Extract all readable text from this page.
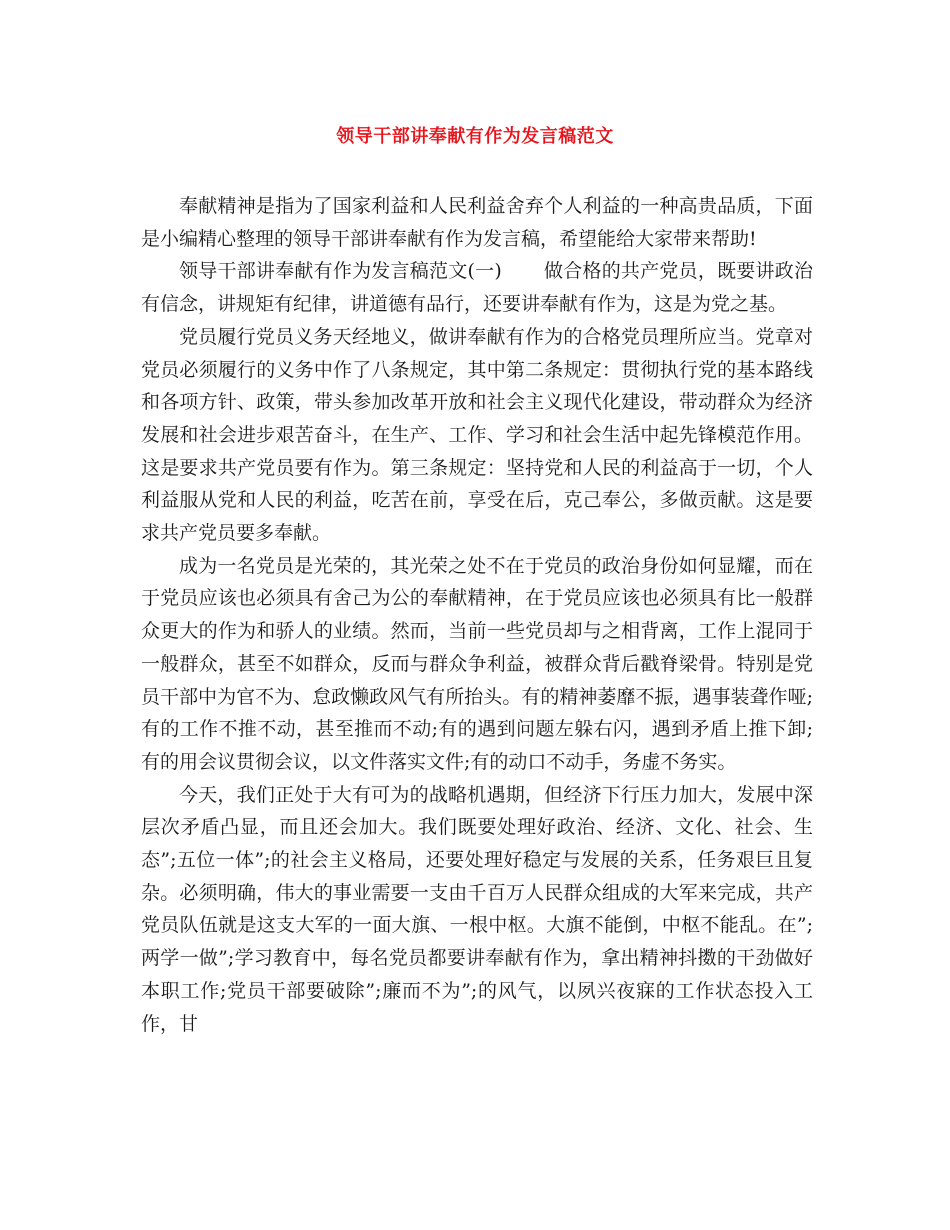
领导干部讲奉献有作为发言稿范文

奉献精神是指为了国家利益和人民利益舍弃个人利益的一种高贵品质，下面是小编精心整理的领导干部讲奉献有作为发言稿，希望能给大家带来帮助!

领导干部讲奉献有作为发言稿范文(一) 做合格的共产党员，既要讲政治有信念，讲规矩有纪律，讲道德有品行，还要讲奉献有作为，这是为党之基。

党员履行党员义务天经地义，做讲奉献有作为的合格党员理所应当。党章对党员必须履行的义务中作了八条规定，其中第二条规定：贯彻执行党的基本路线和各项方针、政策，带头参加改革开放和社会主义现代化建设，带动群众为经济发展和社会进步艰苦奋斗，在生产、工作、学习和社会生活中起先锋模范作用。这是要求共产党员要有作为。第三条规定：坚持党和人民的利益高于一切，个人利益服从党和人民的利益，吃苦在前，享受在后，克己奉公，多做贡献。这是要求共产党员要多奉献。

成为一名党员是光荣的，其光荣之处不在于党员的政治身份如何显耀，而在于党员应该也必须具有舍己为公的奉献精神，在于党员应该也必须具有比一般群众更大的作为和骄人的业绩。然而，当前一些党员却与之相背离，工作上混同于一般群众，甚至不如群众，反而与群众争利益，被群众背后戳脊梁骨。特别是党员干部中为官不为、怠政懒政风气有所抬头。有的精神萎靡不振，遇事装聋作哑;有的工作不推不动，甚至推而不动;有的遇到问题左躲右闪，遇到矛盾上推下卸;有的用会议贯彻会议，以文件落实文件;有的动口不动手，务虚不务实。

今天，我们正处于大有可为的战略机遇期，但经济下行压力加大，发展中深层次矛盾凸显，而且还会加大。我们既要处理好政治、经济、文化、社会、生态”;五位一体”;的社会主义格局，还要处理好稳定与发展的关系，任务艰巨且复杂。必须明确，伟大的事业需要一支由千百万人民群众组成的大军来完成，共产党员队伍就是这支大军的一面大旗、一根中枢。大旗不能倒，中枢不能乱。在”;两学一做”;学习教育中，每名党员都要讲奉献有作为，拿出精神抖擞的干劲做好本职工作;党员干部要破除”;廉而不为”;的风气，以夙兴夜寐的工作状态投入工作，甘
